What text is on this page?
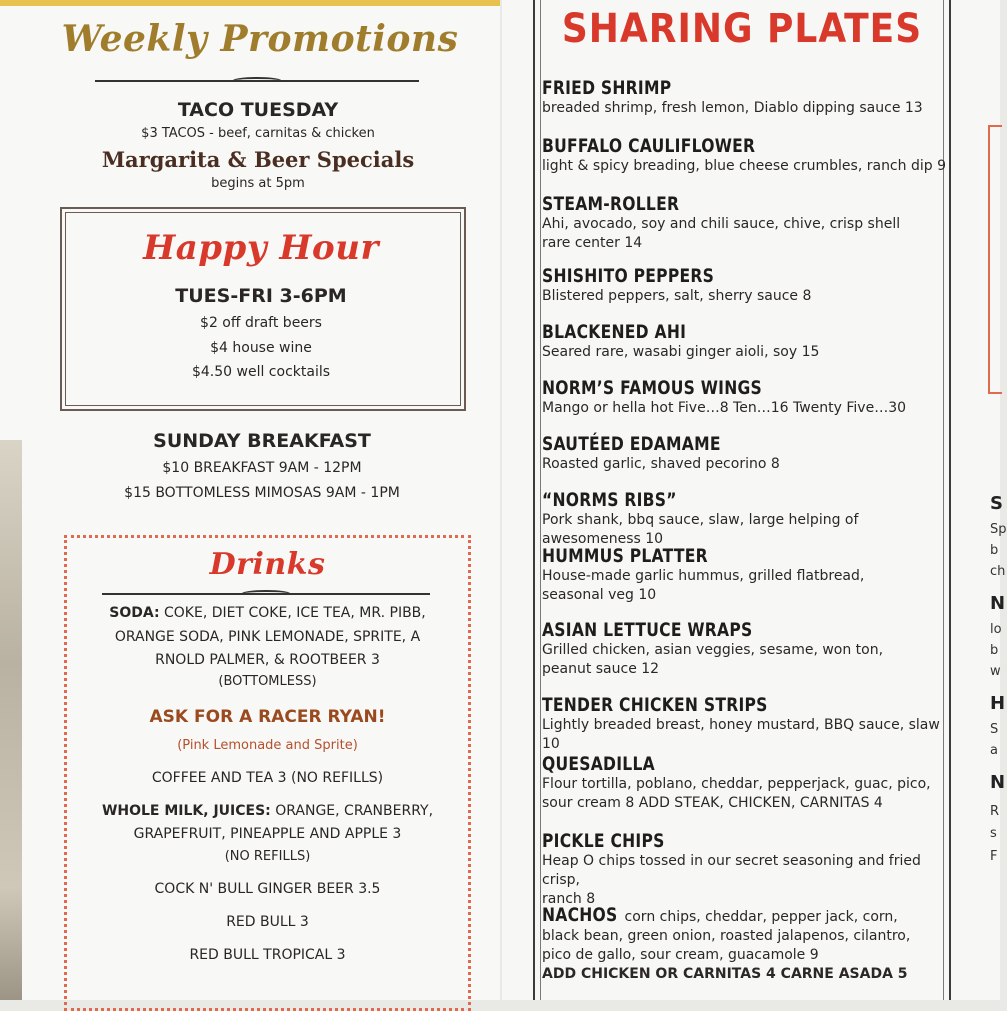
Weekly Promotions
TACO TUESDAY
$3 TACOS - beef, carnitas & chicken
Margarita & Beer Specials
begins at 5pm
Happy Hour
TUES-FRI 3-6PM
$2 off draft beers
$4 house wine
$4.50 well cocktails
SUNDAY BREAKFAST
$10 BREAKFAST 9AM - 12PM
$15 BOTTOMLESS MIMOSAS 9AM - 1PM
Drinks
SODA: COKE, DIET COKE, ICE TEA, MR. PIBB,
ORANGE SODA, PINK LEMONADE, SPRITE, A
RNOLD PALMER, & ROOTBEER 3
(BOTTOMLESS)
ASK FOR A RACER RYAN!
(Pink Lemonade and Sprite)
COFFEE AND TEA 3 (NO REFILLS)
WHOLE MILK, JUICES: ORANGE, CRANBERRY,
GRAPEFRUIT, PINEAPPLE AND APPLE 3
(NO REFILLS)
COCK N' BULL GINGER BEER 3.5
RED BULL 3
RED BULL TROPICAL 3
SHARING PLATES
FRIED SHRIMP
breaded shrimp, fresh lemon, Diablo dipping sauce 13
BUFFALO CAULIFLOWER
light & spicy breading, blue cheese crumbles, ranch dip 9
STEAM-ROLLER
Ahi, avocado, soy and chili sauce, chive, crisp shell
rare center 14
SHISHITO PEPPERS
Blistered peppers, salt, sherry sauce 8
BLACKENED AHI
Seared rare, wasabi ginger aioli, soy 15
NORM’S FAMOUS WINGS
Mango or hella hot Five…8 Ten…16 Twenty Five…30
SAUTÉED EDAMAME
Roasted garlic, shaved pecorino 8
“NORMS RIBS”
Pork shank, bbq sauce, slaw, large helping of awesomeness 10
HUMMUS PLATTER
House-made garlic hummus, grilled flatbread,
seasonal veg 10
ASIAN LETTUCE WRAPS
Grilled chicken, asian veggies, sesame, won ton,
peanut sauce 12
TENDER CHICKEN STRIPS
Lightly breaded breast, honey mustard, BBQ sauce, slaw 10
QUESADILLA
Flour tortilla, poblano, cheddar, pepperjack, guac, pico,
sour cream 8 ADD STEAK, CHICKEN, CARNITAS 4
PICKLE CHIPS
Heap O chips tossed in our secret seasoning and fried crisp,
ranch 8
NACHOS corn chips, cheddar, pepper jack, corn,
black bean, green onion, roasted jalapenos, cilantro,
pico de gallo, sour cream, guacamole 9
ADD CHICKEN OR CARNITAS 4 CARNE ASADA 5
S
Sp
b
ch
N
lo
b
w
H
S
a
N
R
s
F
